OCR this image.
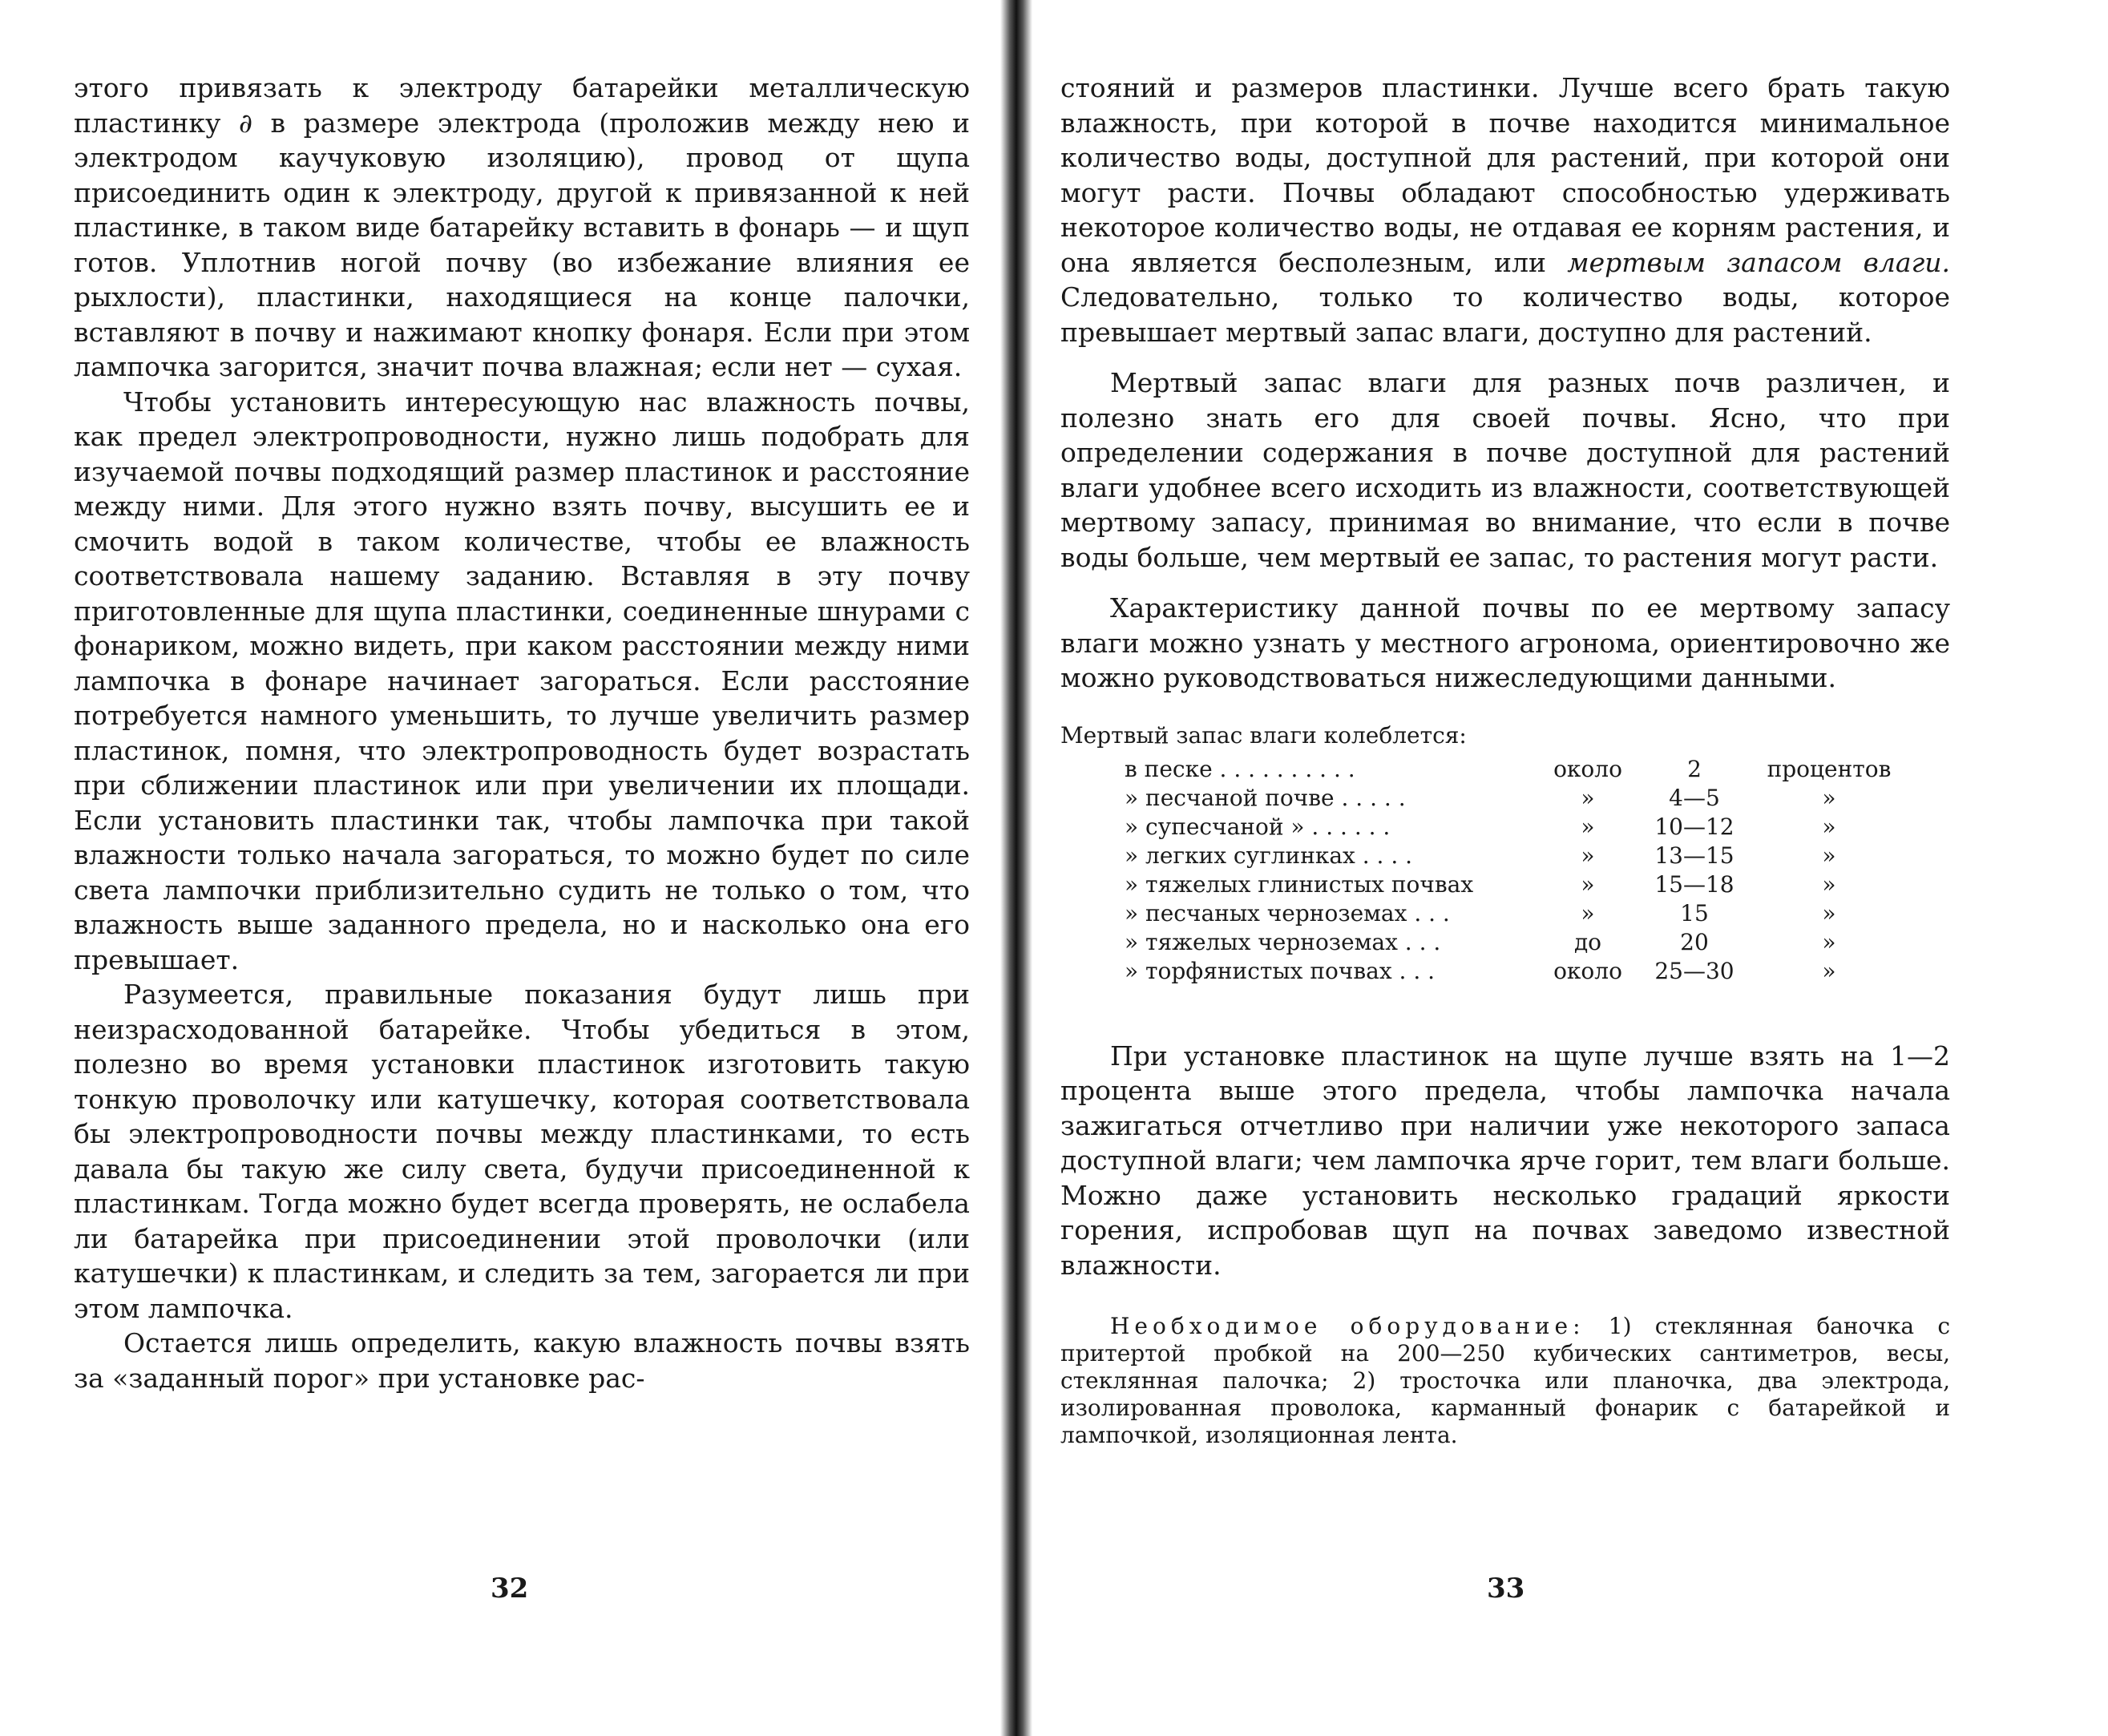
этого привязать к электроду батарейки металлическую пластинку ∂ в размере электрода (проложив между нею и электродом каучуковую изоляцию), провод от щупа присоединить один к электроду, другой к привязанной к ней пластинке, в таком виде батарейку вставить в фонарь — и щуп готов. Уплотнив ногой почву (во избежание влияния ее рыхлости), пластинки, находящиеся на конце палочки, вставляют в почву и нажимают кнопку фонаря. Если при этом лампочка загорится, значит почва влажная; если нет — сухая.

Чтобы установить интересующую нас влажность почвы, как предел электропроводности, нужно лишь подобрать для изучаемой почвы подходящий размер пластинок и расстояние между ними. Для этого нужно взять почву, высушить ее и смочить водой в таком количестве, чтобы ее влажность соответствовала нашему заданию. Вставляя в эту почву приготовленные для щупа пластинки, соединенные шнурами с фонариком, можно видеть, при каком расстоянии между ними лампочка в фонаре начинает загораться. Если расстояние потребуется намного уменьшить, то лучше увеличить размер пластинок, помня, что электропроводность будет возрастать при сближении пластинок или при увеличении их площади. Если установить пластинки так, чтобы лампочка при такой влажности только начала загораться, то можно будет по силе света лампочки приблизительно судить не только о том, что влажность выше заданного предела, но и насколько она его превышает.

Разумеется, правильные показания будут лишь при неизрасходованной батарейке. Чтобы убедиться в этом, полезно во время установки пластинок изготовить такую тонкую проволочку или катушечку, которая соответствовала бы электропроводности почвы между пластинками, то есть давала бы такую же силу света, будучи присоединенной к пластинкам. Тогда можно будет всегда проверять, не ослабела ли батарейка при присоединении этой проволочки (или катушечки) к пластинкам, и следить за тем, загорается ли при этом лампочка.

Остается лишь определить, какую влажность почвы взять за «заданный порог» при установке рас-

32

стояний и размеров пластинки. Лучше всего брать такую влажность, при которой в почве находится минимальное количество воды, доступной для растений, при которой они могут расти. Почвы обладают способностью удерживать некоторое количество воды, не отдавая ее корням растения, и она является бесполезным, или мертвым запасом влаги. Следовательно, только то количество воды, которое превышает мертвый запас влаги, доступно для растений.

Мертвый запас влаги для разных почв различен, и полезно знать его для своей почвы. Ясно, что при определении содержания в почве доступной для растений влаги удобнее всего исходить из влажности, соответствующей мертвому запасу, принимая во внимание, что если в почве воды больше, чем мертвый ее запас, то растения могут расти.

Характеристику данной почвы по ее мертвому запасу влаги можно узнать у местного агронома, ориентировочно же можно руководствоваться нижеследующими данными.

Мертвый запас влаги колеблется:

в песке . . . . . . . . . .	около	2	процентов
» песчаной почве . . . . .	»	4—5	»
» супесчаной » . . . . . .	»	10—12	»
» легких суглинках . . . .	»	13—15	»
» тяжелых глинистых почвах	»	15—18	»
» песчаных черноземах . . .	»	15	»
» тяжелых черноземах . . .	до	20	»
» торфянистых почвах . . .	около	25—30	»

При установке пластинок на щупе лучше взять на 1—2 процента выше этого предела, чтобы лампочка начала зажигаться отчетливо при наличии уже некоторого запаса доступной влаги; чем лампочка ярче горит, тем влаги больше. Можно даже установить несколько градаций яркости горения, испробовав щуп на почвах заведомо известной влажности.

Необходимое оборудование: 1) стеклянная баночка с притертой пробкой на 200—250 кубических сантиметров, весы, стеклянная палочка; 2) тросточка или планочка, два электрода, изолированная проволока, карманный фонарик с батарейкой и лампочкой, изоляционная лента.

33
